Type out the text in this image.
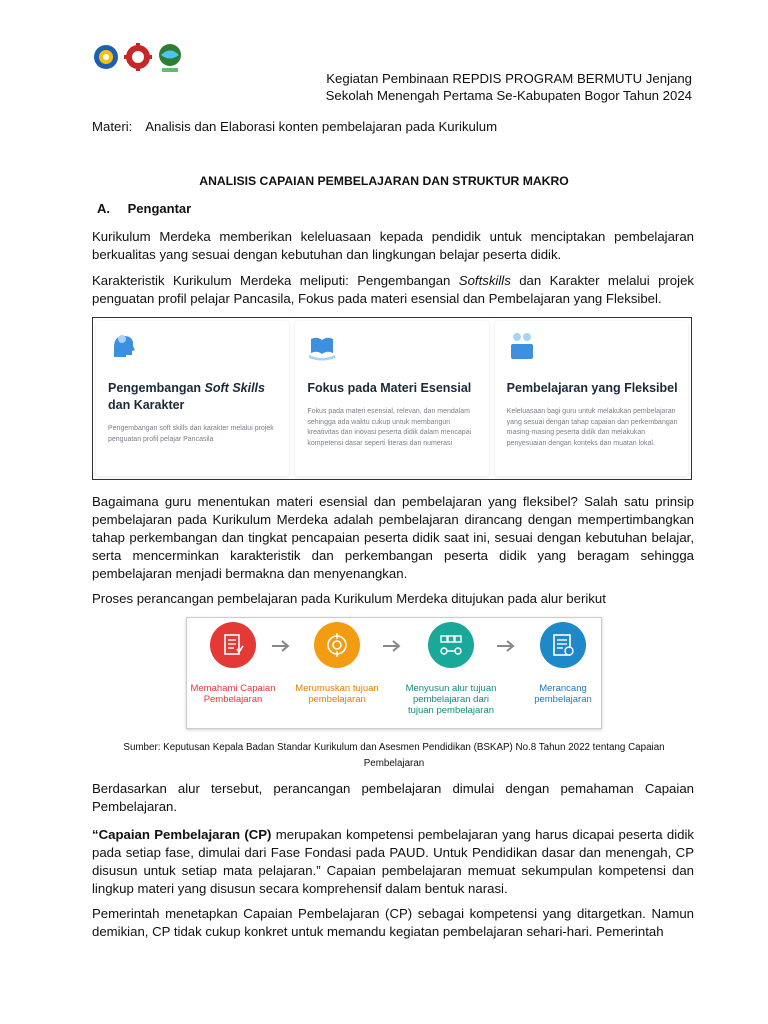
Kegiatan Pembinaan REPDIS PROGRAM BERMUTU Jenjang
Sekolah Menengah Pertama Se-Kabupaten Bogor Tahun 2024
Materi: Analisis dan Elaborasi konten pembelajaran pada Kurikulum
ANALISIS CAPAIAN PEMBELAJARAN DAN STRUKTUR MAKRO
A. Pengantar

Kurikulum Merdeka memberikan keleluasaan kepada pendidik untuk menciptakan pembelajaran berkualitas yang sesuai dengan kebutuhan dan lingkungan belajar peserta didik.

Karakteristik Kurikulum Merdeka meliputi: Pengembangan Softskills dan Karakter melalui projek penguatan profil pelajar Pancasila, Fokus pada materi esensial dan Pembelajaran yang Fleksibel.

Pengembangan Soft Skills dan Karakter

Pengembangan soft skills dan karakter melalui projek penguatan profil pelajar Pancasila

Fokus pada Materi Esensial

Fokus pada materi esensial, relevan, dan mendalam sehingga ada waktu cukup untuk membangun kreativitas dan inovasi peserta didik dalam mencapai kompetensi dasar seperti literasi dan numerasi

Pembelajaran yang Fleksibel

Keleluasaan bagi guru untuk melakukan pembelajaran yang sesuai dengan tahap capaian dan perkembangan masing-masing peserta didik dan melakukan penyesuaian dengan konteks dan muatan lokal.

Bagaimana guru menentukan materi esensial dan pembelajaran yang fleksibel? Salah satu prinsip pembelajaran pada Kurikulum Merdeka adalah pembelajaran dirancang dengan mempertimbangkan tahap perkembangan dan tingkat pencapaian peserta didik saat ini, sesuai dengan kebutuhan belajar, serta mencerminkan karakteristik dan perkembangan peserta didik yang beragam sehingga pembelajaran menjadi bermakna dan menyenangkan.

Proses perancangan pembelajaran pada Kurikulum Merdeka ditujukan pada alur berikut

Memahami Capaian Pembelajaran
Merumuskan tujuan pembelajaran
Menyusun alur tujuan pembelajaran dari tujuan pembelajaran
Merancang pembelajaran
Sumber: Keputusan Kepala Badan Standar Kurikulum dan Asesmen Pendidikan (BSKAP) No.8 Tahun 2022 tentang Capaian Pembelajaran

Berdasarkan alur tersebut, perancangan pembelajaran dimulai dengan pemahaman Capaian Pembelajaran.

“Capaian Pembelajaran (CP) merupakan kompetensi pembelajaran yang harus dicapai peserta didik pada setiap fase, dimulai dari Fase Fondasi pada PAUD. Untuk Pendidikan dasar dan menengah, CP disusun untuk setiap mata pelajaran.” Capaian pembelajaran memuat sekumpulan kompetensi dan lingkup materi yang disusun secara komprehensif dalam bentuk narasi.

Pemerintah menetapkan Capaian Pembelajaran (CP) sebagai kompetensi yang ditargetkan. Namun demikian, CP tidak cukup konkret untuk memandu kegiatan pembelajaran sehari-hari. Pemerintah
